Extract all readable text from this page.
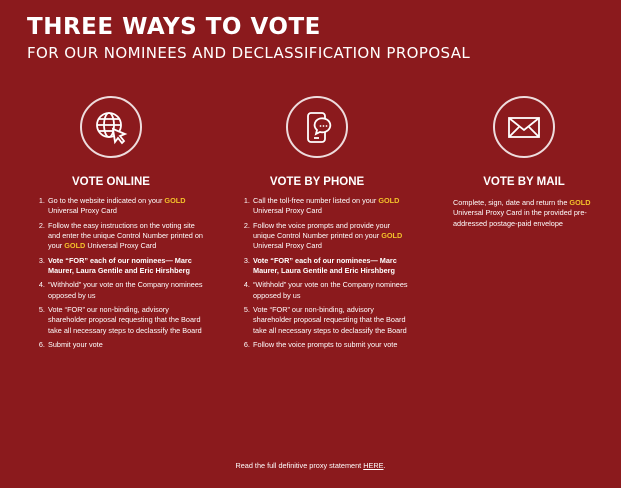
THREE WAYS TO VOTE
FOR OUR NOMINEES AND DECLASSIFICATION PROPOSAL
VOTE ONLINE
1. Go to the website indicated on your GOLD Universal Proxy Card
2. Follow the easy instructions on the voting site and enter the unique Control Number printed on your GOLD Universal Proxy Card
3. Vote “FOR” each of our nominees— Marc Maurer, Laura Gentile and Eric Hirshberg
4. “Withhold” your vote on the Company nominees opposed by us
5. Vote “FOR” our non-binding, advisory shareholder proposal requesting that the Board take all necessary steps to declassify the Board
6. Submit your vote
VOTE BY PHONE
1. Call the toll-free number listed on your GOLD Universal Proxy Card
2. Follow the voice prompts and provide your unique Control Number printed on your GOLD Universal Proxy Card
3. Vote “FOR” each of our nominees— Marc Maurer, Laura Gentile and Eric Hirshberg
4. “Withhold” your vote on the Company nominees opposed by us
5. Vote “FOR” our non-binding, advisory shareholder proposal requesting that the Board take all necessary steps to declassify the Board
6. Follow the voice prompts to submit your vote
VOTE BY MAIL
Complete, sign, date and return the GOLD Universal Proxy Card in the provided pre-addressed postage-paid envelope
Read the full definitive proxy statement HERE.
